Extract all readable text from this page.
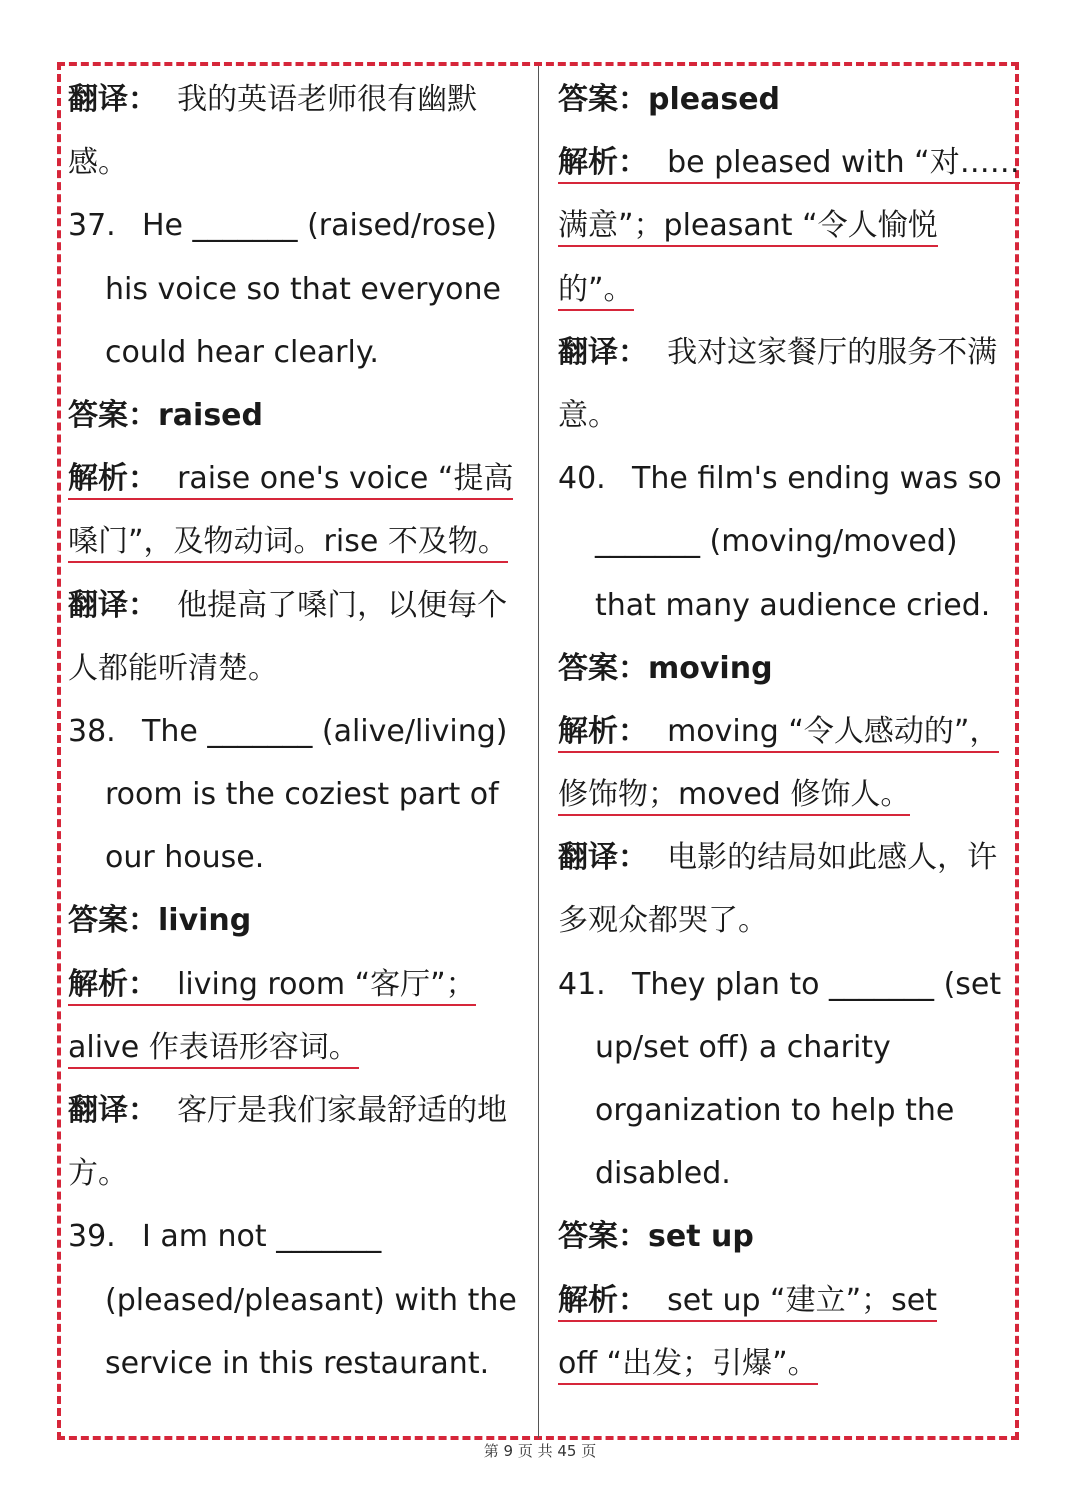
翻译： 我的英语老师很有幽默
感。
37. He _______ (raised/rose)
his voice so that everyone
could hear clearly.
答案：raised
解析： raise one's voice “提高
嗓门”，及物动词。rise 不及物。
翻译： 他提高了嗓门，以便每个
人都能听清楚。
38. The _______ (alive/living)
room is the coziest part of
our house.
答案：living
解析： living room “客厅”；
alive 作表语形容词。
翻译： 客厅是我们家最舒适的地
方。
39. I am not _______
(pleased/pleasant) with the
service in this restaurant.
答案：pleased
解析： be pleased with “对……
满意”；pleasant “令人愉悦
的”。
翻译： 我对这家餐厅的服务不满
意。
40. The film's ending was so
_______ (moving/moved)
that many audience cried.
答案：moving
解析： moving “令人感动的”，
修饰物；moved 修饰人。
翻译： 电影的结局如此感人，许
多观众都哭了。
41. They plan to _______ (set
up/set off) a charity
organization to help the
disabled.
答案：set up
解析： set up “建立”；set
off “出发；引爆”。
第 9 页 共 45 页
